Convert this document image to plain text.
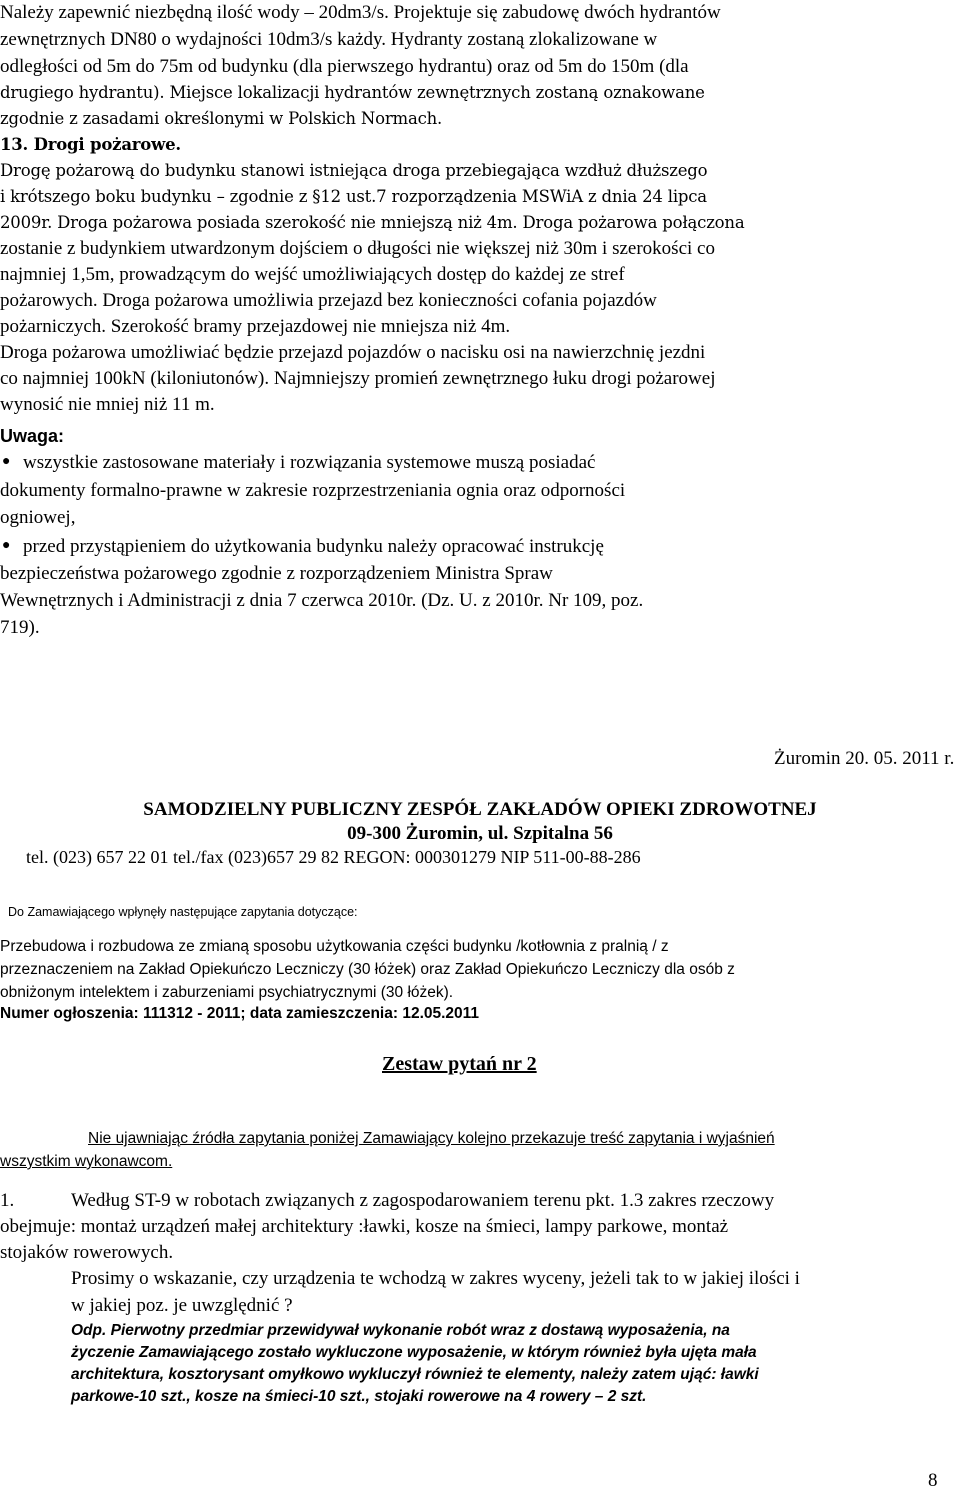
Należy zapewnić niezbędną ilość wody – 20dm3/s. Projektuje się zabudowę dwóch hydrantów
zewnętrznych DN80 o wydajności 10dm3/s każdy. Hydranty zostaną zlokalizowane w
odległości od 5m do 75m od budynku (dla pierwszego hydrantu) oraz od 5m do 150m (dla
drugiego hydrantu). Miejsce lokalizacji hydrantów zewnętrznych zostaną oznakowane
zgodnie z zasadami określonymi w Polskich Normach.
13. Drogi pożarowe.
Drogę pożarową do budynku stanowi istniejąca droga przebiegająca wzdłuż dłuższego
i krótszego boku budynku – zgodnie z §12 ust.7 rozporządzenia MSWiA z dnia 24 lipca
2009r. Droga pożarowa posiada szerokość nie mniejszą niż 4m. Droga pożarowa połączona
zostanie z budynkiem utwardzonym dojściem o długości nie większej niż 30m i szerokości co
najmniej 1,5m, prowadzącym do wejść umożliwiających dostęp do każdej ze stref
pożarowych. Droga pożarowa umożliwia przejazd bez konieczności cofania pojazdów
pożarniczych. Szerokość bramy przejazdowej nie mniejsza niż 4m.
Droga pożarowa umożliwiać będzie przejazd pojazdów o nacisku osi na nawierzchnię jezdni
co najmniej 100kN (kiloniutonów). Najmniejszy promień zewnętrznego łuku drogi pożarowej
wynosić nie mniej niż 11 m.
Uwaga:
● wszystkie zastosowane materiały i rozwiązania systemowe muszą posiadać
dokumenty formalno-prawne w zakresie rozprzestrzeniania ognia oraz odporności
ogniowej,
● przed przystąpieniem do użytkowania budynku należy opracować instrukcję
bezpieczeństwa pożarowego zgodnie z rozporządzeniem Ministra Spraw
Wewnętrznych i Administracji z dnia 7 czerwca 2010r. (Dz. U. z 2010r. Nr 109, poz.
719).
Żuromin 20. 05. 2011 r.
SAMODZIELNY PUBLICZNY ZESPÓŁ ZAKŁADÓW OPIEKI ZDROWOTNEJ
09-300 Żuromin, ul. Szpitalna 56
tel. (023) 657 22 01 tel./fax (023)657 29 82 REGON: 000301279 NIP 511-00-88-286
Do Zamawiającego wpłynęły następujące zapytania dotyczące:
Przebudowa i rozbudowa ze zmianą sposobu użytkowania części budynku /kotłownia z pralnią / z
przeznaczeniem na Zakład Opiekuńczo Leczniczy (30 łóżek) oraz Zakład Opiekuńczo Leczniczy dla osób z
obniżonym intelektem i zaburzeniami psychiatrycznymi (30 łóżek).
Numer ogłoszenia: 111312 - 2011; data zamieszczenia: 12.05.2011
Zestaw pytań nr 2
Nie ujawniając źródła zapytania poniżej Zamawiający kolejno przekazuje treść zapytania i wyjaśnień
wszystkim wykonawcom.
1.	Według ST-9 w robotach związanych z zagospodarowaniem terenu pkt. 1.3 zakres rzeczowy
obejmuje: montaż urządzeń małej architektury :ławki, kosze na śmieci, lampy parkowe, montaż
stojaków rowerowych.
Prosimy o wskazanie, czy urządzenia te wchodzą w zakres wyceny, jeżeli tak to w jakiej ilości i
w jakiej poz. je uwzględnić ?
Odp. Pierwotny przedmiar przewidywał wykonanie robót wraz z dostawą wyposażenia, na
życzenie Zamawiającego zostało wykluczone wyposażenie, w którym również była ujęta mała
architektura, kosztorysant omyłkowo wykluczył również te elementy, należy zatem ująć: ławki
parkowe-10 szt., kosze na śmieci-10 szt., stojaki rowerowe na 4 rowery – 2 szt.
8
